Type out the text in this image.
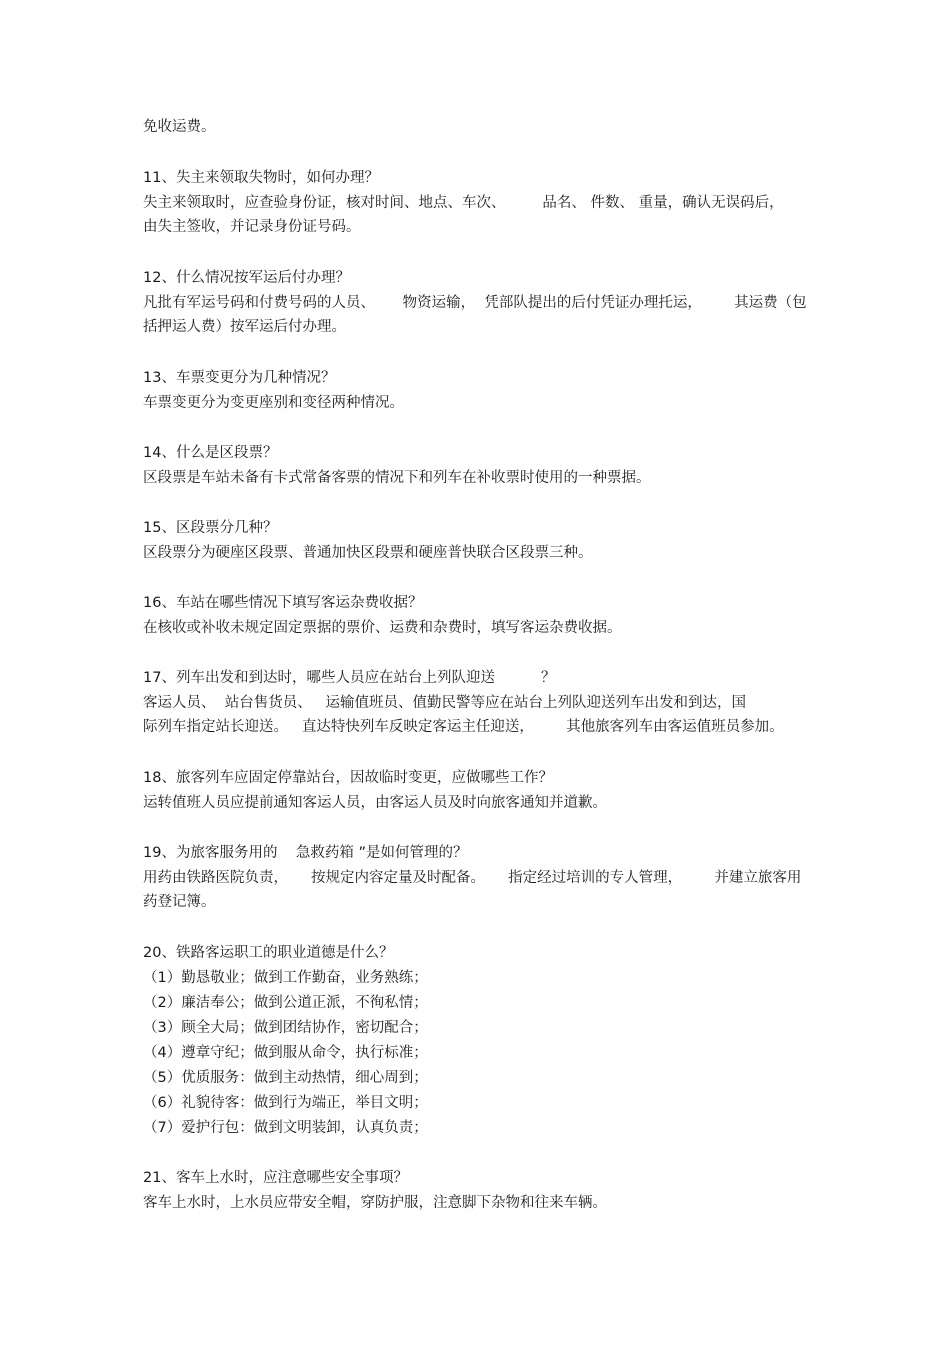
免收运费。
11、失主来领取失物时，如何办理？
失主来领取时，应查验身份证，核对时间、地点、车次、        品名、 件数、 重量，确认无误码后，
由失主签收，并记录身份证号码。
12、什么情况按军运后付办理？
凡批有军运号码和付费号码的人员、      物资运输，  凭部队提出的后付凭证办理托运，       其运费（包
括押运人费）按军运后付办理。
13、车票变更分为几种情况？
车票变更分为变更座别和变径两种情况。
14、什么是区段票？
区段票是车站未备有卡式常备客票的情况下和列车在补收票时使用的一种票据。
15、区段票分几种？
区段票分为硬座区段票、普通加快区段票和硬座普快联合区段票三种。
16、车站在哪些情况下填写客运杂费收据？
在核收或补收未规定固定票据的票价、运费和杂费时，填写客运杂费收据。
17、列车出发和到达时，哪些人员应在站台上列队迎送          ？
客运人员、  站台售货员、   运输值班员、值勤民警等应在站台上列队迎送列车出发和到达，国
际列车指定站长迎送。   直达特快列车反映定客运主任迎送，       其他旅客列车由客运值班员参加。
18、旅客列车应固定停靠站台，因故临时变更，应做哪些工作？
运转值班人员应提前通知客运人员，由客运人员及时向旅客通知并道歉。
19、为旅客服务用的    急救药箱 ”是如何管理的？
用药由铁路医院负责，     按规定内容定量及时配备。     指定经过培训的专人管理，       并建立旅客用
药登记簿。
20、铁路客运职工的职业道德是什么？
（1）勤恳敬业；做到工作勤奋，业务熟练；
（2）廉洁奉公；做到公道正派，不徇私情；
（3）顾全大局；做到团结协作，密切配合；
（4）遵章守纪；做到服从命令，执行标准；
（5）优质服务：做到主动热情，细心周到；
（6）礼貌待客：做到行为端正，举目文明；
（7）爱护行包：做到文明装卸，认真负责；
21、客车上水时，应注意哪些安全事项？
客车上水时，上水员应带安全帽，穿防护服，注意脚下杂物和往来车辆。
